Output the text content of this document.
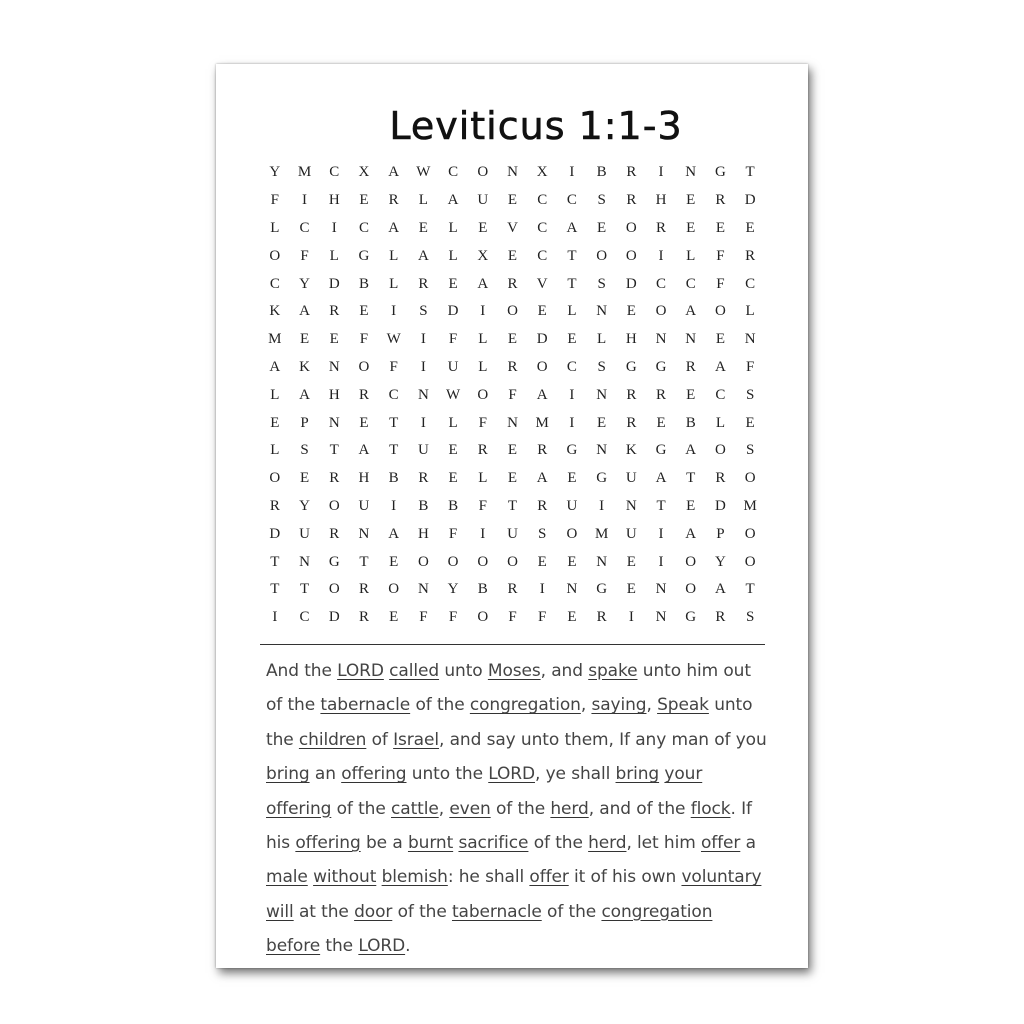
Leviticus 1:1-3
Y	M	C	X	A	W	C	O	N	X	I	B	R	I	N	G	T
F	I	H	E	R	L	A	U	E	C	C	S	R	H	E	R	D
L	C	I	C	A	E	L	E	V	C	A	E	O	R	E	E	E
O	F	L	G	L	A	L	X	E	C	T	O	O	I	L	F	R
C	Y	D	B	L	R	E	A	R	V	T	S	D	C	C	F	C
K	A	R	E	I	S	D	I	O	E	L	N	E	O	A	O	L
M	E	E	F	W	I	F	L	E	D	E	L	H	N	N	E	N
A	K	N	O	F	I	U	L	R	O	C	S	G	G	R	A	F
L	A	H	R	C	N	W	O	F	A	I	N	R	R	E	C	S
E	P	N	E	T	I	L	F	N	M	I	E	R	E	B	L	E
L	S	T	A	T	U	E	R	E	R	G	N	K	G	A	O	S
O	E	R	H	B	R	E	L	E	A	E	G	U	A	T	R	O
R	Y	O	U	I	B	B	F	T	R	U	I	N	T	E	D	M
D	U	R	N	A	H	F	I	U	S	O	M	U	I	A	P	O
T	N	G	T	E	O	O	O	O	E	E	N	E	I	O	Y	O
T	T	O	R	O	N	Y	B	R	I	N	G	E	N	O	A	T
I	C	D	R	E	F	F	O	F	F	E	R	I	N	G	R	S
And the LORD called unto Moses, and spake unto him out
of the tabernacle of the congregation, saying, Speak unto
the children of Israel, and say unto them, If any man of you
bring an offering unto the LORD, ye shall bring your
offering of the cattle, even of the herd, and of the flock. If
his offering be a burnt sacrifice of the herd, let him offer a
male without blemish: he shall offer it of his own voluntary
will at the door of the tabernacle of the congregation
before the LORD.
